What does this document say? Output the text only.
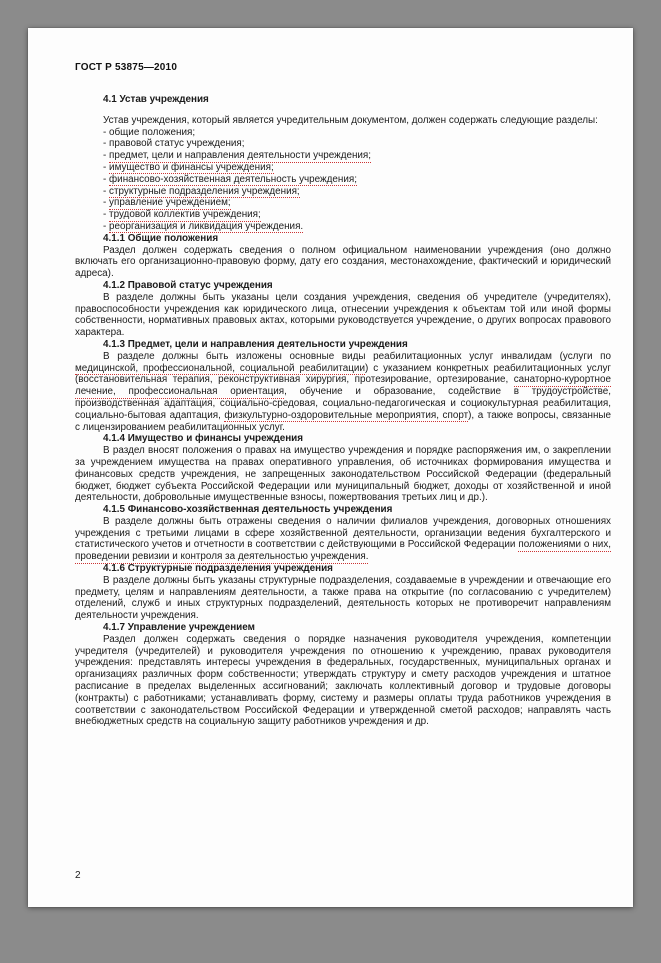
ГОСТ Р 53875—2010
4.1 Устав учреждения
Устав учреждения, который является учредительным документом, должен содержать следующие разделы:
- общие положения;
- правовой статус учреждения;
- предмет, цели и направления деятельности учреждения;
- имущество и финансы учреждения;
- финансово-хозяйственная деятельность учреждения;
- структурные подразделения учреждения;
- управление учреждением;
- трудовой коллектив учреждения;
- реорганизация и ликвидация учреждения.
4.1.1 Общие положения
Раздел должен содержать сведения о полном официальном наименовании учреждения (оно должно включать его организационно-правовую форму, дату его создания, местонахождение, фактический и юридический адреса).
4.1.2 Правовой статус учреждения
В разделе должны быть указаны цели создания учреждения, сведения об учредителе (учредителях), правоспособности учреждения как юридического лица, отнесении учреждения к объектам той или иной формы собственности, нормативных правовых актах, которыми руководствуется учреждение, о других вопросах правового характера.
4.1.3 Предмет, цели и направления деятельности учреждения
В разделе должны быть изложены основные виды реабилитационных услуг инвалидам (услуги по медицинской, профессиональной, социальной реабилитации) с указанием конкретных реабилитационных услуг (восстановительная терапия, реконструктивная хирургия, протезирование, ортезирование, санаторно-курортное лечение, профессиональная ориентация, обучение и образование, содействие в трудоустройстве, производственная адаптация, социально-средовая, социально-педагогическая и социокультурная реабилитация, социально-бытовая адаптация, физкультурно-оздоровительные мероприятия, спорт), а также вопросы, связанные с лицензированием реабилитационных услуг.
4.1.4 Имущество и финансы учреждения
В раздел вносят положения о правах на имущество учреждения и порядке распоряжения им, о закреплении за учреждением имущества на правах оперативного управления, об источниках формирования имущества и финансовых средств учреждения, не запрещенных законодательством Российской Федерации (федеральный бюджет, бюджет субъекта Российской Федерации или муниципальный бюджет, доходы от хозяйственной и иной деятельности, добровольные имущественные взносы, пожертвования третьих лиц и др.).
4.1.5 Финансово-хозяйственная деятельность учреждения
В разделе должны быть отражены сведения о наличии филиалов учреждения, договорных отношениях учреждения с третьими лицами в сфере хозяйственной деятельности, организации ведения бухгалтерского и статистического учетов и отчетности в соответствии с действующими в Российской Федерации положениями о них, проведении ревизии и контроля за деятельностью учреждения.
4.1.6 Структурные подразделения учреждения
В разделе должны быть указаны структурные подразделения, создаваемые в учреждении и отвечающие его предмету, целям и направлениям деятельности, а также права на открытие (по согласованию с учредителем) отделений, служб и иных структурных подразделений, деятельность которых не противоречит направлениям деятельности учреждения.
4.1.7 Управление учреждением
Раздел должен содержать сведения о порядке назначения руководителя учреждения, компетенции учредителя (учредителей) и руководителя учреждения по отношению к учреждению, правах руководителя учреждения: представлять интересы учреждения в федеральных, государственных, муниципальных органах и организациях различных форм собственности; утверждать структуру и смету расходов учреждения и штатное расписание в пределах выделенных ассигнований; заключать коллективный договор и трудовые договоры (контракты) с работниками; устанавливать форму, систему и размеры оплаты труда работников учреждения в соответствии с законодательством Российской Федерации и утвержденной сметой расходов; направлять часть внебюджетных средств на социальную защиту работников учреждения и др.
2
